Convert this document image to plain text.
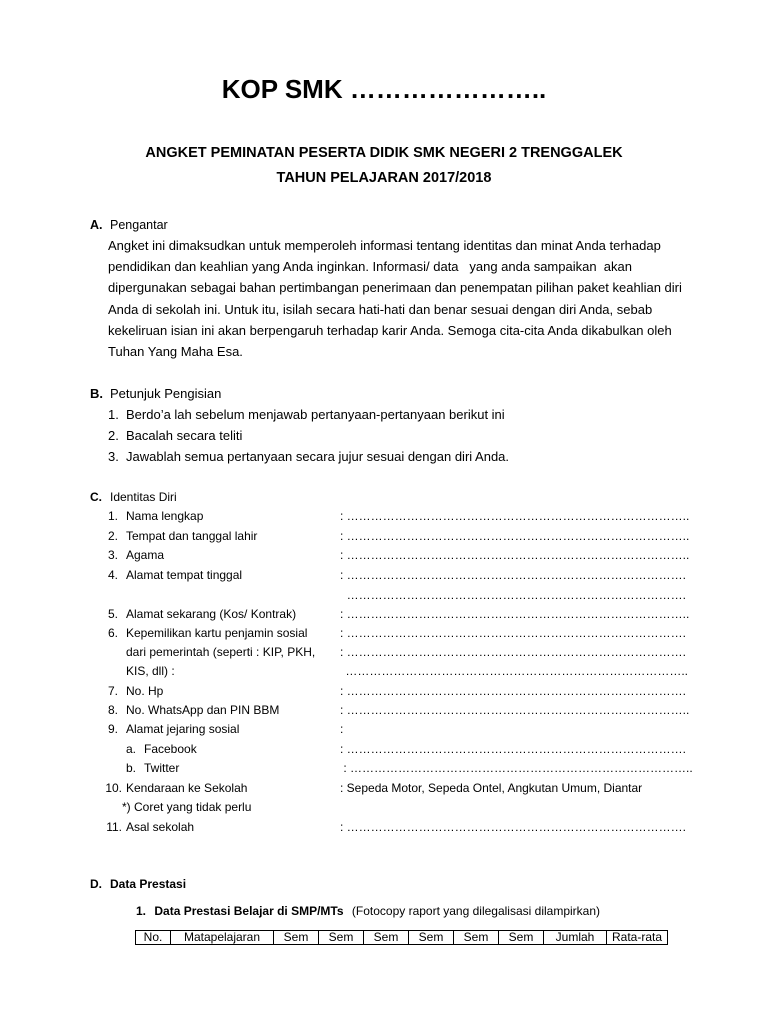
KOP SMK …………………..
ANGKET PEMINATAN PESERTA DIDIK SMK NEGERI 2 TRENGGALEK
TAHUN PELAJARAN 2017/2018
A. Pengantar
Angket ini dimaksudkan untuk memperoleh informasi tentang identitas dan minat Anda terhadap
pendidikan dan keahlian yang Anda inginkan. Informasi/ data   yang anda sampaikan  akan
dipergunakan sebagai bahan pertimbangan penerimaan dan penempatan pilihan paket keahlian diri
Anda di sekolah ini. Untuk itu, isilah secara hati-hati dan benar sesuai dengan diri Anda, sebab
kekeliruan isian ini akan berpengaruh terhadap karir Anda. Semoga cita-cita Anda dikabulkan oleh
Tuhan Yang Maha Esa.
B. Petunjuk Pengisian
1. Berdo’a lah sebelum menjawab pertanyaan-pertanyaan berikut ini
2. Bacalah secara teliti
3. Jawablah semua pertanyaan secara jujur sesuai dengan diri Anda.
C. Identitas Diri
1. Nama lengkap	: …………………………………………………………………………..
2. Tempat dan tanggal lahir	: …………………………………………………………………………..
3. Agama	: …………………………………………………………………………..
4. Alamat tempat tinggal	: ………………………………………………………………………….
………………………………………………………………………….
5. Alamat sekarang (Kos/ Kontrak)	: …………………………………………………………………………..
6. Kepemilikan kartu penjamin sosial	: ………………………………………………………………………….
dari pemerintah (seperti : KIP, PKH, : ………………………………………………………………………….
KIS, dll) :	…………………………………………………………………………..
7. No. Hp	: ………………………………………………………………………….
8. No. WhatsApp dan PIN BBM	: …………………………………………………………………………..
9. Alamat jejaring sosial	:
a. Facebook	: ………………………………………………………………………….
b. Twitter	: …………………………………………………………………………..
10. Kendaraan ke Sekolah	: Sepeda Motor, Sepeda Ontel, Angkutan Umum, Diantar
*) Coret yang tidak perlu
11. Asal sekolah	: ………………………………………………………………………….
D. Data Prestasi
1. Data Prestasi Belajar di SMP/MTs (Fotocopy raport yang dilegalisasi dilampirkan)
No.	Matapelajaran	Sem	Sem	Sem	Sem	Sem	Sem	Jumlah	Rata-rata
